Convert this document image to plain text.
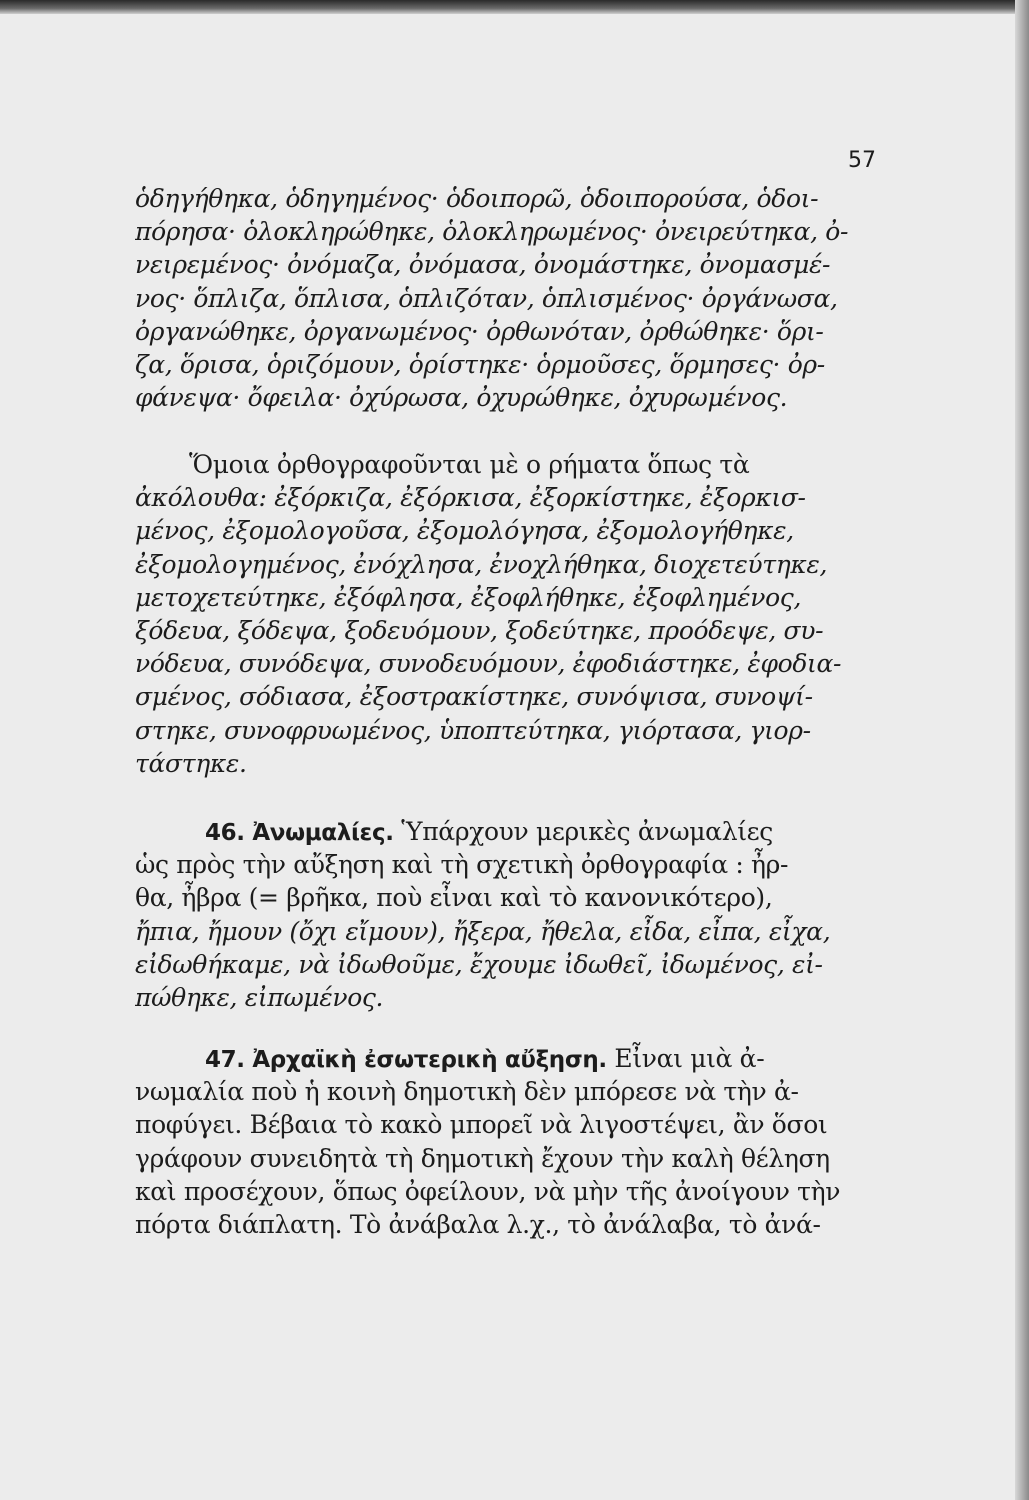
57
ὁδηγήθηκα, ὁδηγημένος· ὁδοιπορῶ, ὁδοιπορούσα, ὁδοι-
πόρησα· ὁλοκληρώθηκε, ὁλοκληρωμένος· ὀνειρεύτηκα, ὀ-
νειρεμένος· ὀνόμαζα, ὀνόμασα, ὀνομάστηκε, ὀνομασμέ-
νος· ὅπλιζα, ὅπλισα, ὁπλιζόταν, ὁπλισμένος· ὀργάνωσα,
ὀργανώθηκε, ὀργανωμένος· ὀρθωνόταν, ὀρθώθηκε· ὅρι-
ζα, ὅρισα, ὁριζόμουν, ὁρίστηκε· ὁρμοῦσες, ὅρμησες· ὀρ-
φάνεψα· ὄφειλα· ὀχύρωσα, ὀχυρώθηκε, ὀχυρωμένος.
Ὅμοια ὀρθογραφοῦνται μὲ ο ρήματα ὅπως τὰ
ἀκόλουθα: ἐξόρκιζα, ἐξόρκισα, ἐξορκίστηκε, ἐξορκισ-
μένος, ἐξομολογοῦσα, ἐξομολόγησα, ἐξομολογήθηκε,
ἐξομολογημένος, ἐνόχλησα, ἐνοχλήθηκα, διοχετεύτηκε,
μετοχετεύτηκε, ἐξόφλησα, ἐξοφλήθηκε, ἐξοφλημένος,
ξόδευα, ξόδεψα, ξοδευόμουν, ξοδεύτηκε, προόδεψε, συ-
νόδευα, συνόδεψα, συνοδευόμουν, ἐφοδιάστηκε, ἐφοδια-
σμένος, σόδιασα, ἐξοστρακίστηκε, συνόψισα, συνοψί-
στηκε, συνοφρυωμένος, ὑποπτεύτηκα, γιόρτασα, γιορ-
τάστηκε.
46. Ἀνωμαλίες. Ὑπάρχουν μερικὲς ἀνωμαλίες
ὡς πρὸς τὴν αὔξηση καὶ τὴ σχετικὴ ὀρθογραφία : ἦρ-
θα, ἦβρα (= βρῆκα, ποὺ εἶναι καὶ τὸ κανονικότερο),
ἤπια, ἤμουν (ὄχι εἴμουν), ἤξερα, ἤθελα, εἶδα, εἶπα, εἶχα,
εἰδωθήκαμε, νὰ ἰδωθοῦμε, ἔχουμε ἰδωθεῖ, ἰδωμένος, εἰ-
πώθηκε, εἰπωμένος.
47. Ἀρχαϊκὴ ἐσωτερικὴ αὔξηση. Εἶναι μιὰ ἀ-
νωμαλία ποὺ ἡ κοινὴ δημοτικὴ δὲν μπόρεσε νὰ τὴν ἀ-
ποφύγει. Βέβαια τὸ κακὸ μπορεῖ νὰ λιγοστέψει, ἂν ὅσοι
γράφουν συνειδητὰ τὴ δημοτικὴ ἔχουν τὴν καλὴ θέληση
καὶ προσέχουν, ὅπως ὀφείλουν, νὰ μὴν τῆς ἀνοίγουν τὴν
πόρτα διάπλατη. Τὸ ἀνάβαλα λ.χ., τὸ ἀνάλαβα, τὸ ἀνά-
